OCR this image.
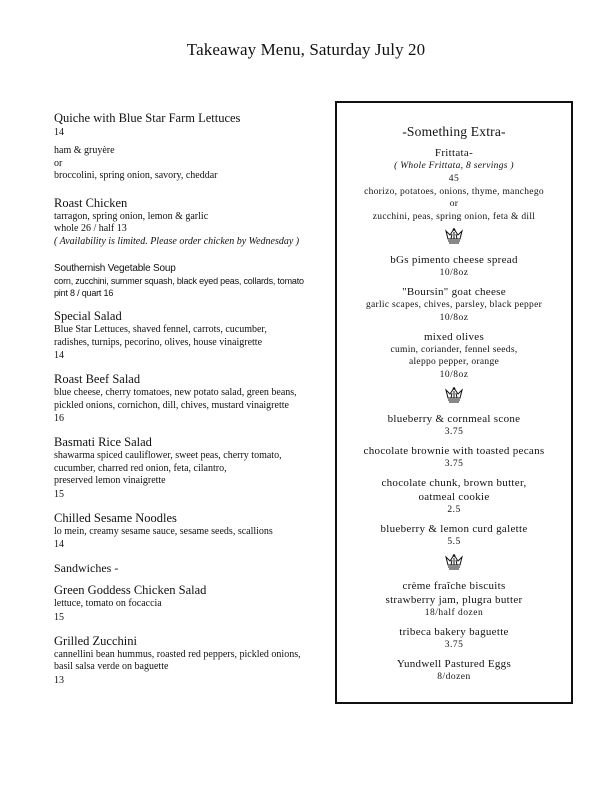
Takeaway Menu, Saturday July 20
Quiche with Blue Star Farm Lettuces
14
ham & gruyère
or
broccolini, spring onion, savory, cheddar
Roast Chicken
tarragon, spring onion, lemon & garlic
whole 26 / half 13
( Availability is limited. Please order chicken by Wednesday )
Southernish Vegetable Soup
corn, zucchini, summer squash, black eyed peas, collards, tomato
pint 8 / quart 16
Special Salad
Blue Star Lettuces, shaved fennel, carrots, cucumber,
radishes, turnips, pecorino, olives, house vinaigrette
14
Roast Beef Salad
blue cheese, cherry tomatoes, new potato salad, green beans,
pickled onions, cornichon, dill, chives, mustard vinaigrette
16
Basmati Rice Salad
shawarma spiced cauliflower, sweet peas, cherry tomato,
cucumber, charred red onion, feta, cilantro,
preserved lemon vinaigrette
15
Chilled Sesame Noodles
lo mein, creamy sesame sauce, sesame seeds, scallions
14
Sandwiches -
Green Goddess Chicken Salad
lettuce, tomato on focaccia
15
Grilled Zucchini
cannellini bean hummus, roasted red peppers, pickled onions,
basil salsa verde on baguette
13
-Something Extra-
Frittata-
( Whole Frittata, 8 servings )
45
chorizo, potatoes, onions, thyme, manchego
or
zucchini, peas, spring onion, feta & dill
bGs pimento cheese spread
10/8oz
"Boursin" goat cheese
garlic scapes, chives, parsley, black pepper
10/8oz
mixed olives
cumin, coriander, fennel seeds,
aleppo pepper, orange
10/8oz
blueberry & cornmeal scone
3.75
chocolate brownie with toasted pecans
3.75
chocolate chunk, brown butter,
oatmeal cookie
2.5
blueberry & lemon curd galette
5.5
crème fraîche biscuits
strawberry jam, plugra butter
18/half dozen
tribeca bakery baguette
3.75
Yundwell Pastured Eggs
8/dozen
